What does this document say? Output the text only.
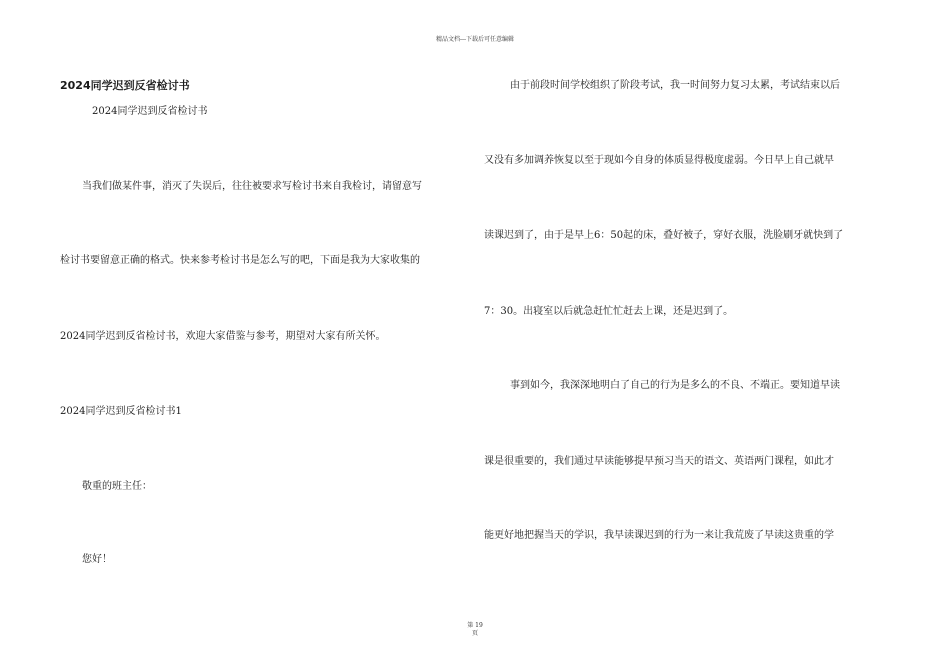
精品文档---下载后可任意编辑
2024同学迟到反省检讨书
2024同学迟到反省检讨书
当我们做某件事，消灭了失误后，往往被要求写检讨书来自我检讨，请留意写
检讨书要留意正确的格式。快来参考检讨书是怎么写的吧，下面是我为大家收集的
2024同学迟到反省检讨书，欢迎大家借鉴与参考，期望对大家有所关怀。
2024同学迟到反省检讨书1
敬重的班主任：
您好！
由于前段时间学校组织了阶段考试，我一时间努力复习太累，考试结束以后
又没有多加调养恢复以至于现如今自身的体质显得极度虚弱。今日早上自己就早
读课迟到了，由于是早上6：50起的床，叠好被子，穿好衣服，洗脸刷牙就快到了
7：30。出寝室以后就急赶忙忙赶去上课，还是迟到了。
事到如今，我深深地明白了自己的行为是多么的不良、不端正。要知道早读
课是很重要的，我们通过早读能够提早预习当天的语文、英语两门课程，如此才
能更好地把握当天的学识，我早读课迟到的行为一来让我荒废了早读这贵重的学
第 19
页
